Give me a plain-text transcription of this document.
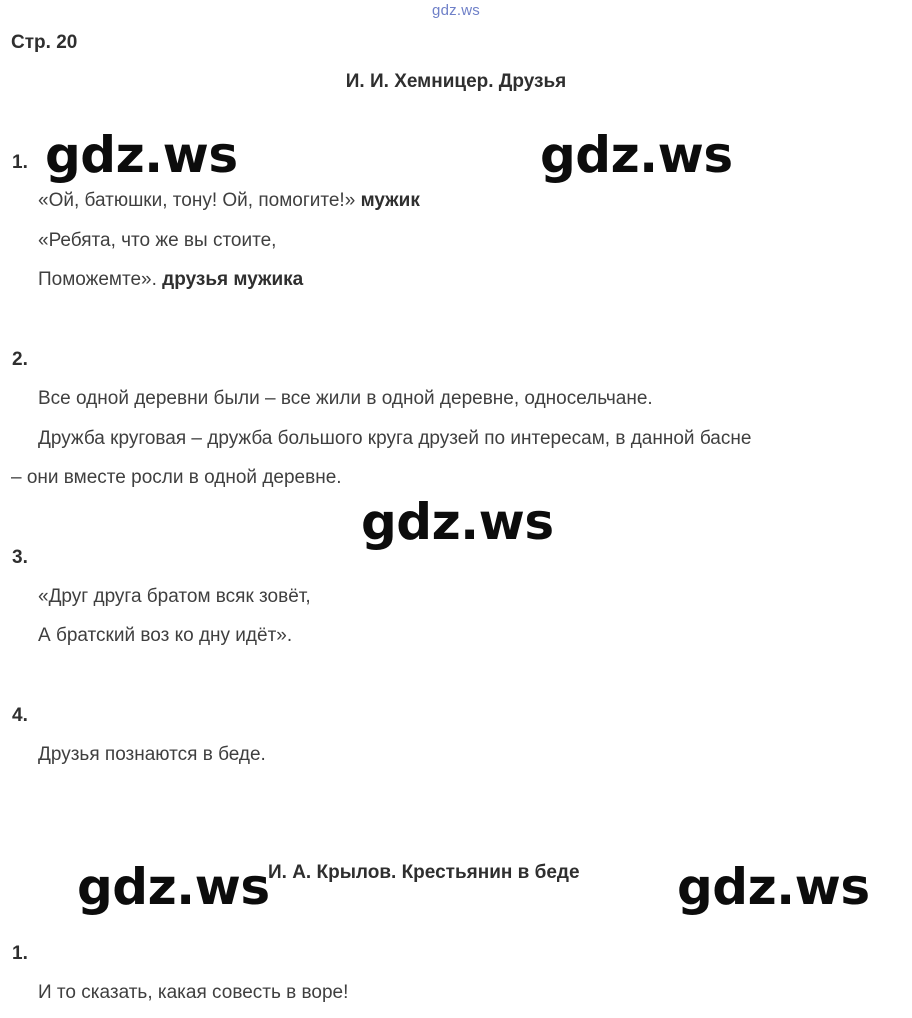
gdz.ws
Стр. 20
И. И. Хемницер. Друзья
1. gdz.ws	gdz.ws
«Ой, батюшки, тону! Ой, помогите!» мужик
«Ребята, что же вы стоите,
Поможемте». друзья мужика
2.
Все одной деревни были – все жили в одной деревне, односельчане.
Дружба круговая – дружба большого круга друзей по интересам, в данной басне
– они вместе росли в одной деревне.
gdz.ws
3.
«Друг друга братом всяк зовёт,
А братский воз ко дну идёт».
4.
Друзья познаются в беде.
gdz.ws
И. А. Крылов. Крестьянин в беде gdz.ws
1.
И то сказать, какая совесть в воре!
